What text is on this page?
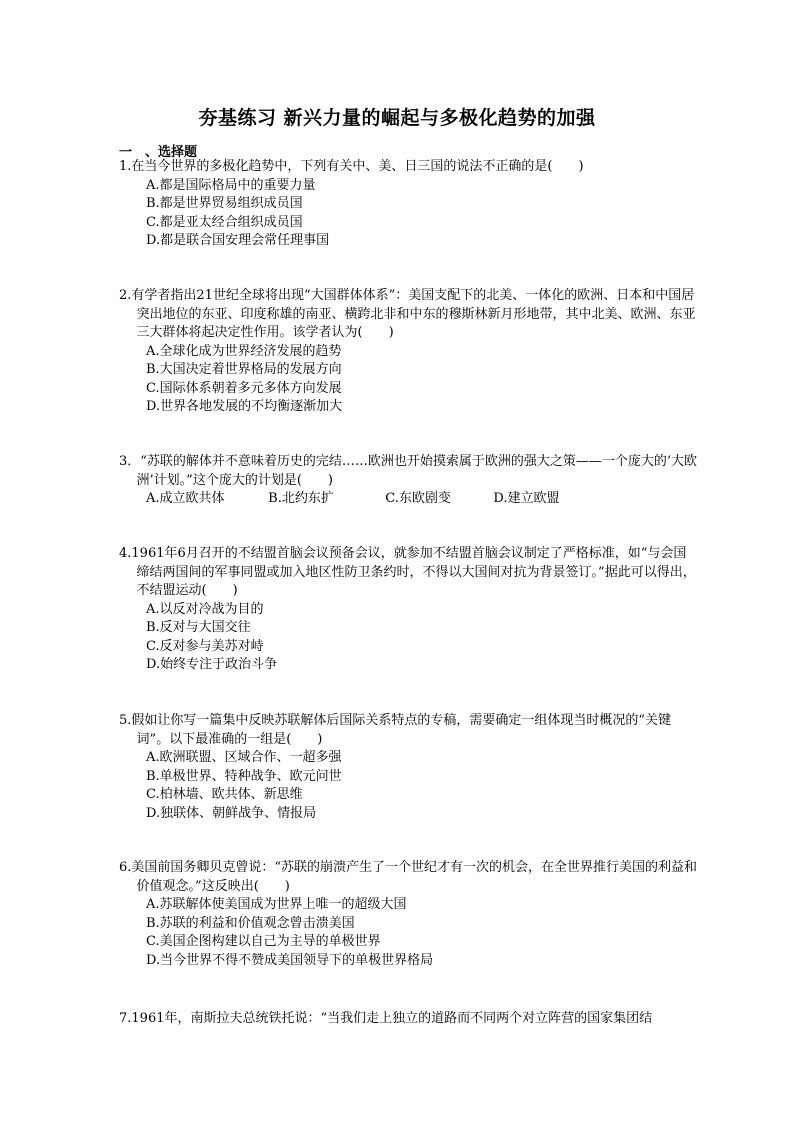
夯基练习 新兴力量的崛起与多极化趋势的加强
一　、选择题

1.在当今世界的多极化趋势中，下列有关中、美、日三国的说法不正确的是(　　)

A.都是国际格局中的重要力量
B.都是世界贸易组织成员国
C.都是亚太经合组织成员国
D.都是联合国安理会常任理事国

2.有学者指出21世纪全球将出现“大国群体体系”：美国支配下的北美、一体化的欧洲、日本和中国居突出地位的东亚、印度称雄的南亚、横跨北非和中东的穆斯林新月形地带，其中北美、欧洲、东亚三大群体将起决定性作用。该学者认为(　　)

A.全球化成为世界经济发展的趋势
B.大国决定着世界格局的发展方向
C.国际体系朝着多元多体方向发展
D.世界各地发展的不均衡逐渐加大

3．“苏联的解体并不意味着历史的完结……欧洲也开始摸索属于欧洲的强大之策——一个庞大的‘大欧洲’计划。”这个庞大的计划是(　　)

A.成立欧共体	B.北约东扩	C.东欧剧变	D.建立欧盟

4.1961年6月召开的不结盟首脑会议预备会议，就参加不结盟首脑会议制定了严格标准，如“与会国缔结两国间的军事同盟或加入地区性防卫条约时，不得以大国间对抗为背景签订。”据此可以得出，不结盟运动(　　)

A.以反对冷战为目的
B.反对与大国交往
C.反对参与美苏对峙
D.始终专注于政治斗争

5.假如让你写一篇集中反映苏联解体后国际关系特点的专稿，需要确定一组体现当时概况的“关键词”。以下最准确的一组是(　　)

A.欧洲联盟、区域合作、一超多强
B.单极世界、特种战争、欧元问世
C.柏林墙、欧共体、新思维
D.独联体、朝鲜战争、情报局

6.美国前国务卿贝克曾说：“苏联的崩溃产生了一个世纪才有一次的机会，在全世界推行美国的利益和价值观念。”这反映出(　　)

A.苏联解体使美国成为世界上唯一的超级大国
B.苏联的利益和价值观念曾击溃美国
C.美国企图构建以自己为主导的单极世界
D.当今世界不得不赞成美国领导下的单极世界格局

7.1961年，南斯拉夫总统铁托说：“当我们走上独立的道路而不同两个对立阵营的国家集团结
